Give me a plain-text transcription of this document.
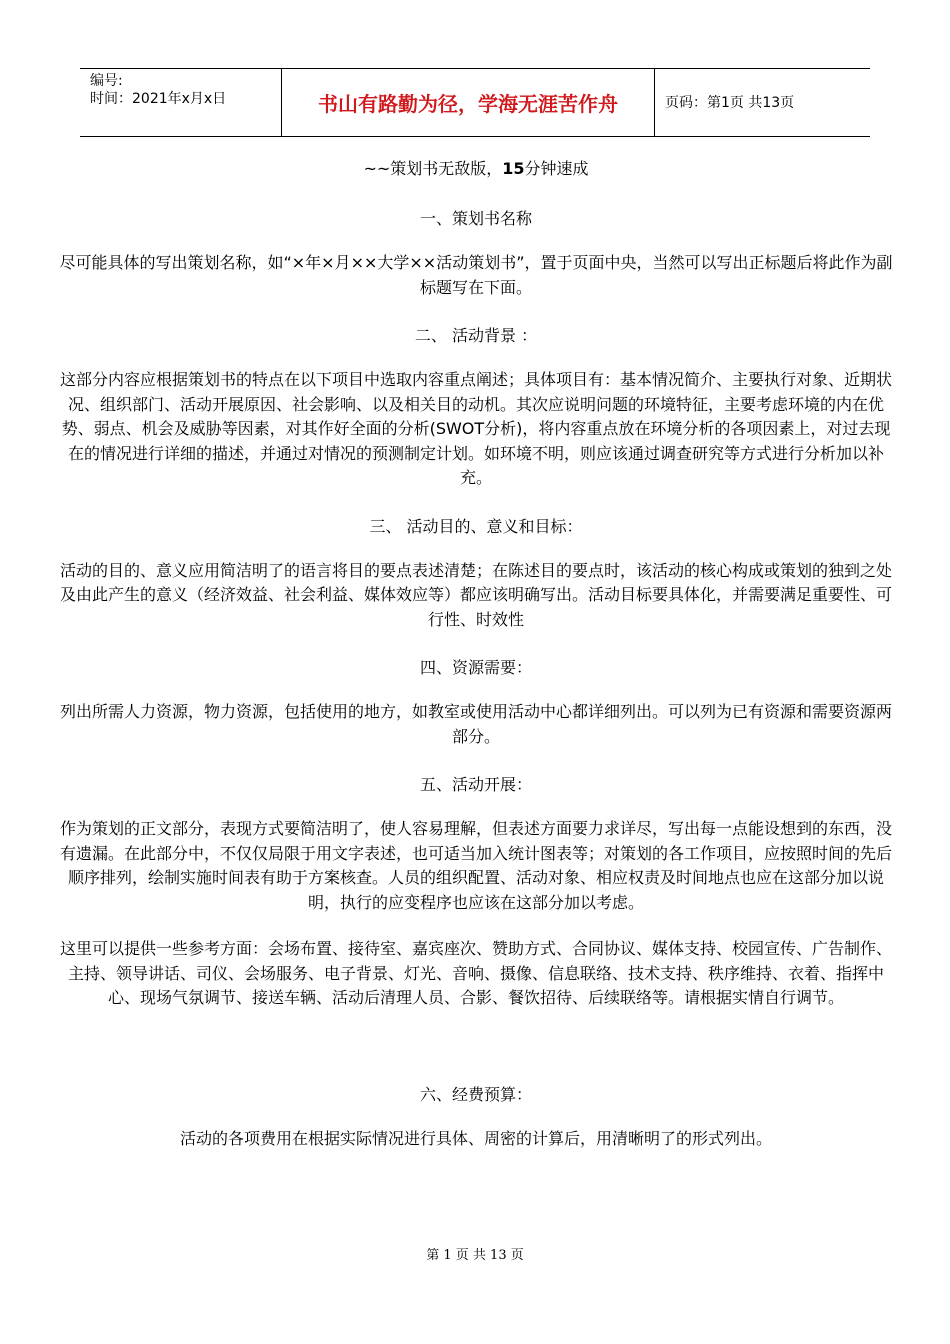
编号:
时间：2021年x月x日	书山有路勤为径，学海无涯苦作舟	页码：第1页 共13页
~~策划书无敌版，15分钟速成
一、策划书名称
尽可能具体的写出策划名称，如“×年×月××大学××活动策划书”，置于页面中央，当然可以写出正标题后将此作为副标题写在下面。
二、 活动背景 ：
这部分内容应根据策划书的特点在以下项目中选取内容重点阐述；具体项目有：基本情况简介、主要执行对象、近期状况、组织部门、活动开展原因、社会影响、以及相关目的动机。其次应说明问题的环境特征，主要考虑环境的内在优势、弱点、机会及威胁等因素，对其作好全面的分析(SWOT分析)，将内容重点放在环境分析的各项因素上，对过去现在的情况进行详细的描述，并通过对情况的预测制定计划。如环境不明，则应该通过调查研究等方式进行分析加以补充。
三、 活动目的、意义和目标：
活动的目的、意义应用简洁明了的语言将目的要点表述清楚；在陈述目的要点时，该活动的核心构成或策划的独到之处及由此产生的意义（经济效益、社会利益、媒体效应等）都应该明确写出。活动目标要具体化，并需要满足重要性、可行性、时效性
四、资源需要：
列出所需人力资源，物力资源，包括使用的地方，如教室或使用活动中心都详细列出。可以列为已有资源和需要资源两部分。
五、活动开展：
作为策划的正文部分，表现方式要简洁明了，使人容易理解，但表述方面要力求详尽，写出每一点能设想到的东西，没有遗漏。在此部分中，不仅仅局限于用文字表述，也可适当加入统计图表等；对策划的各工作项目，应按照时间的先后顺序排列，绘制实施时间表有助于方案核查。人员的组织配置、活动对象、相应权责及时间地点也应在这部分加以说明，执行的应变程序也应该在这部分加以考虑。
这里可以提供一些参考方面：会场布置、接待室、嘉宾座次、赞助方式、合同协议、媒体支持、校园宣传、广告制作、主持、领导讲话、司仪、会场服务、电子背景、灯光、音响、摄像、信息联络、技术支持、秩序维持、衣着、指挥中心、现场气氛调节、接送车辆、活动后清理人员、合影、餐饮招待、后续联络等。请根据实情自行调节。
六、经费预算：
活动的各项费用在根据实际情况进行具体、周密的计算后，用清晰明了的形式列出。
第 1 页 共 13 页
